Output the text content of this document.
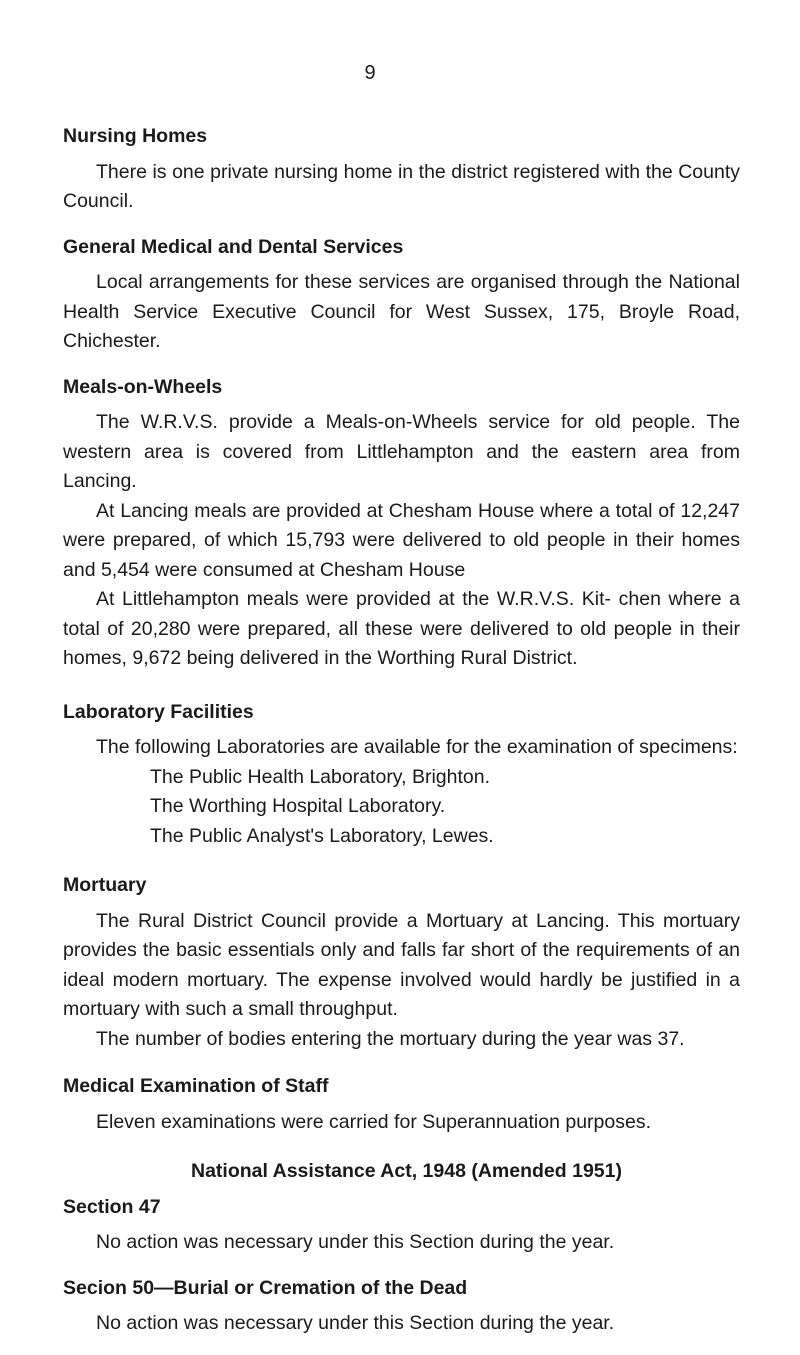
9
Nursing Homes

There is one private nursing home in the district registered with the County Council.

General Medical and Dental Services

Local arrangements for these services are organised through the National Health Service Executive Council for West Sussex, 175, Broyle Road, Chichester.

Meals-on-Wheels

The W.R.V.S. provide a Meals-on-Wheels service for old people. The western area is covered from Littlehampton and the eastern area from Lancing.

At Lancing meals are provided at Chesham House where a total of 12,247 were prepared, of which 15,793 were delivered to old people in their homes and 5,454 were consumed at Chesham House

At Littlehampton meals were provided at the W.R.V.S. Kit- chen where a total of 20,280 were prepared, all these were delivered to old people in their homes, 9,672 being delivered in the Worthing Rural District.

Laboratory Facilities

The following Laboratories are available for the examination of specimens:

The Public Health Laboratory, Brighton.
The Worthing Hospital Laboratory.
The Public Analyst's Laboratory, Lewes.
Mortuary

The Rural District Council provide a Mortuary at Lancing. This mortuary provides the basic essentials only and falls far short of the requirements of an ideal modern mortuary. The expense involved would hardly be justified in a mortuary with such a small throughput.

The number of bodies entering the mortuary during the year was 37.

Medical Examination of Staff

Eleven examinations were carried for Superannuation purposes.

National Assistance Act, 1948 (Amended 1951)
Section 47

No action was necessary under this Section during the year.

Secion 50—Burial or Cremation of the Dead

No action was necessary under this Section during the year.
